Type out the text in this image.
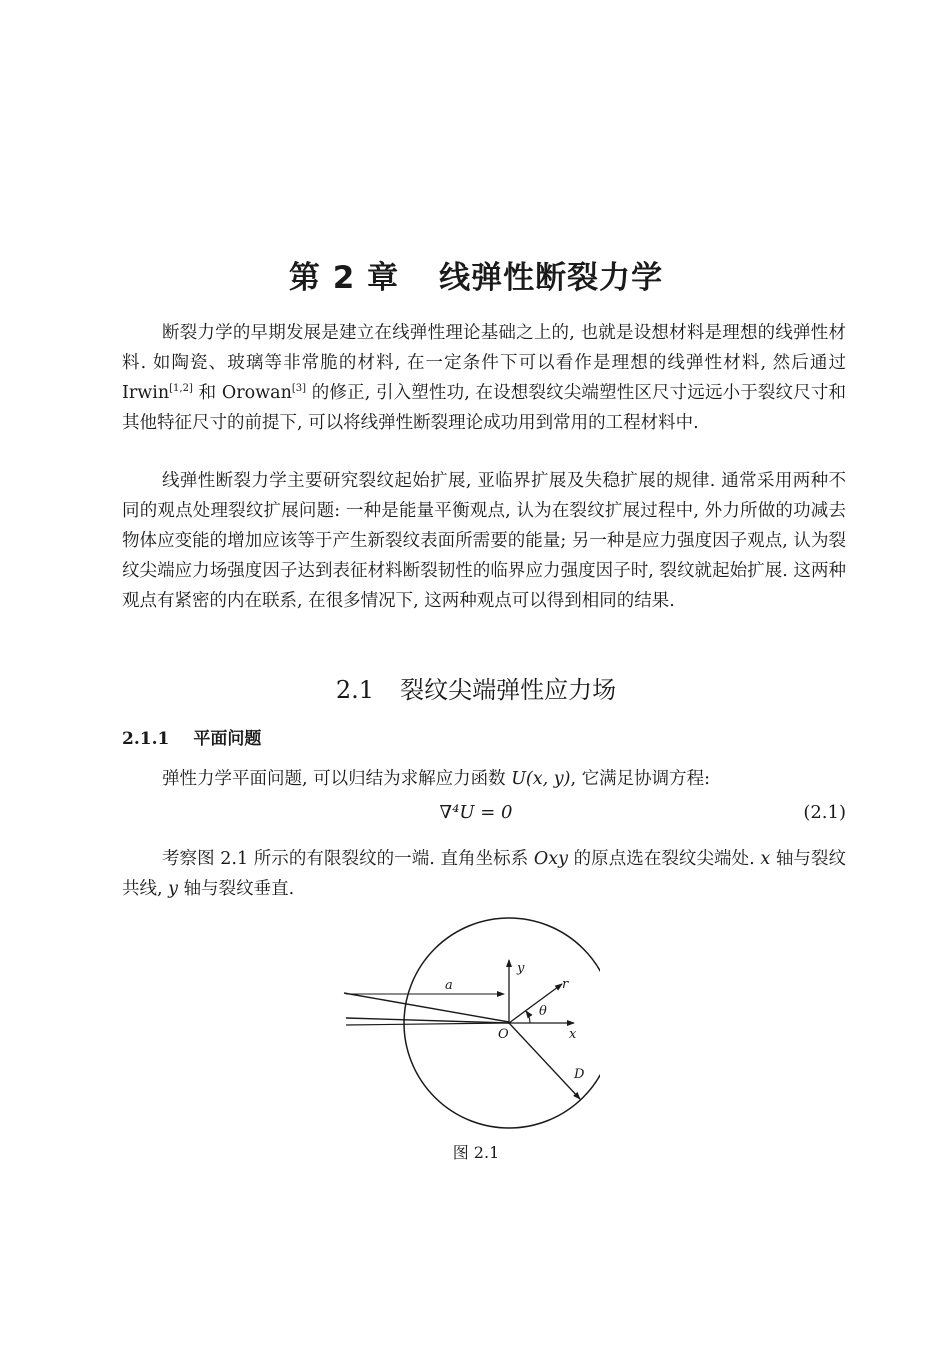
第 2 章 线弹性断裂力学

断裂力学的早期发展是建立在线弹性理论基础之上的, 也就是设想材料是理想的线弹性材料. 如陶瓷、玻璃等非常脆的材料, 在一定条件下可以看作是理想的线弹性材料, 然后通过 Irwin[1,2] 和 Orowan[3] 的修正, 引入塑性功, 在设想裂纹尖端塑性区尺寸远远小于裂纹尺寸和其他特征尺寸的前提下, 可以将线弹性断裂理论成功用到常用的工程材料中.

线弹性断裂力学主要研究裂纹起始扩展, 亚临界扩展及失稳扩展的规律. 通常采用两种不同的观点处理裂纹扩展问题: 一种是能量平衡观点, 认为在裂纹扩展过程中, 外力所做的功减去物体应变能的增加应该等于产生新裂纹表面所需要的能量; 另一种是应力强度因子观点, 认为裂纹尖端应力场强度因子达到表征材料断裂韧性的临界应力强度因子时, 裂纹就起始扩展. 这两种观点有紧密的内在联系, 在很多情况下, 这两种观点可以得到相同的结果.

2.1 裂纹尖端弹性应力场
2.1.1 平面问题

弹性力学平面问题, 可以归结为求解应力函数 U(x, y), 它满足协调方程:

∇⁴U = 0	(2.1)

考察图 2.1 所示的有限裂纹的一端. 直角坐标系 Oxy 的原点选在裂纹尖端处. x 轴与裂纹共线, y 轴与裂纹垂直.

a
y
r
θ
O	x
D
图 2.1
